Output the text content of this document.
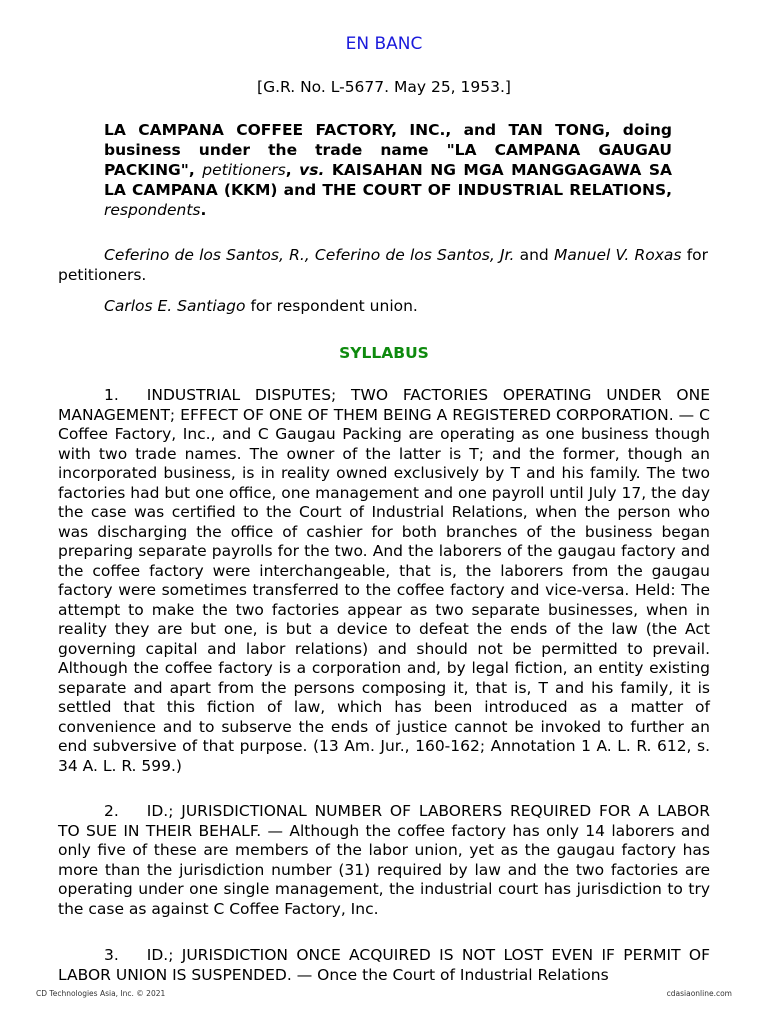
EN BANC
[G.R. No. L-5677. May 25, 1953.]
LA CAMPANA COFFEE FACTORY, INC., and TAN TONG, doing business under the trade name "LA CAMPANA GAUGAU PACKING", petitioners, vs. KAISAHAN NG MGA MANGGAGAWA SA LA CAMPANA (KKM) and THE COURT OF INDUSTRIAL RELATIONS, respondents.
Ceferino de los Santos, R., Ceferino de los Santos, Jr. and Manuel V. Roxas for petitioners.
Carlos E. Santiago for respondent union.
SYLLABUS
1. INDUSTRIAL DISPUTES; TWO FACTORIES OPERATING UNDER ONE MANAGEMENT; EFFECT OF ONE OF THEM BEING A REGISTERED CORPORATION. — C Coffee Factory, Inc., and C Gaugau Packing are operating as one business though with two trade names. The owner of the latter is T; and the former, though an incorporated business, is in reality owned exclusively by T and his family. The two factories had but one office, one management and one payroll until July 17, the day the case was certified to the Court of Industrial Relations, when the person who was discharging the office of cashier for both branches of the business began preparing separate payrolls for the two. And the laborers of the gaugau factory and the coffee factory were interchangeable, that is, the laborers from the gaugau factory were sometimes transferred to the coffee factory and vice-versa. Held: The attempt to make the two factories appear as two separate businesses, when in reality they are but one, is but a device to defeat the ends of the law (the Act governing capital and labor relations) and should not be permitted to prevail. Although the coffee factory is a corporation and, by legal fiction, an entity existing separate and apart from the persons composing it, that is, T and his family, it is settled that this fiction of law, which has been introduced as a matter of convenience and to subserve the ends of justice cannot be invoked to further an end subversive of that purpose. (13 Am. Jur., 160-162; Annotation 1 A. L. R. 612, s. 34 A. L. R. 599.)
2. ID.; JURISDICTIONAL NUMBER OF LABORERS REQUIRED FOR A LABOR TO SUE IN THEIR BEHALF. — Although the coffee factory has only 14 laborers and only five of these are members of the labor union, yet as the gaugau factory has more than the jurisdiction number (31) required by law and the two factories are operating under one single management, the industrial court has jurisdiction to try the case as against C Coffee Factory, Inc.
3. ID.; JURISDICTION ONCE ACQUIRED IS NOT LOST EVEN IF PERMIT OF LABOR UNION IS SUSPENDED. — Once the Court of Industrial Relations
CD Technologies Asia, Inc. © 2021	cdasiaonline.com
